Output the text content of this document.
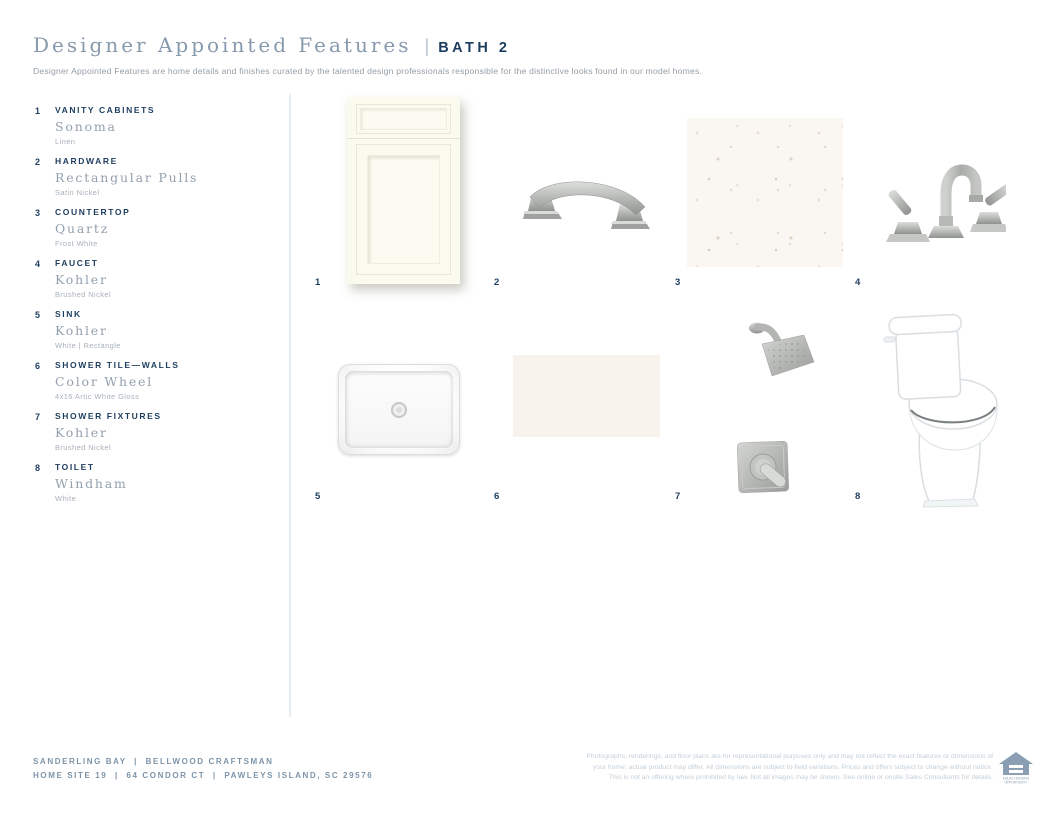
Designer Appointed Features | BATH 2
Designer Appointed Features are home details and finishes curated by the talented design professionals responsible for the distinctive looks found in our model homes.
1 VANITY CABINETS
Sonoma
Linen
2 HARDWARE
Rectangular Pulls
Satin Nickel
3 COUNTERTOP
Quartz
Frost White
4 FAUCET
Kohler
Brushed Nickel
5 SINK
Kohler
White | Rectangle
6 SHOWER TILE—WALLS
Color Wheel
4x16 Artic White Gloss
7 SHOWER FIXTURES
Kohler
Brushed Nickel
8 TOILET
Windham
White
1	2	3	4
5	6	7	8
SANDERLING BAY  |  BELLWOOD CRAFTSMAN
HOME SITE 19  |  64 CONDOR CT  |  PAWLEYS ISLAND, SC 29576
Photographs, renderings, and floor plans are for representational purposes only and may not reflect the exact features or dimensions of
your home; actual product may differ. All dimensions are subject to field variations. Prices and offers subject to change without notice.
This is not an offering where prohibited by law. Not all images may be shown. See online or onsite Sales Consultants for details.	EQUAL HOUSING
OPPORTUNITY
